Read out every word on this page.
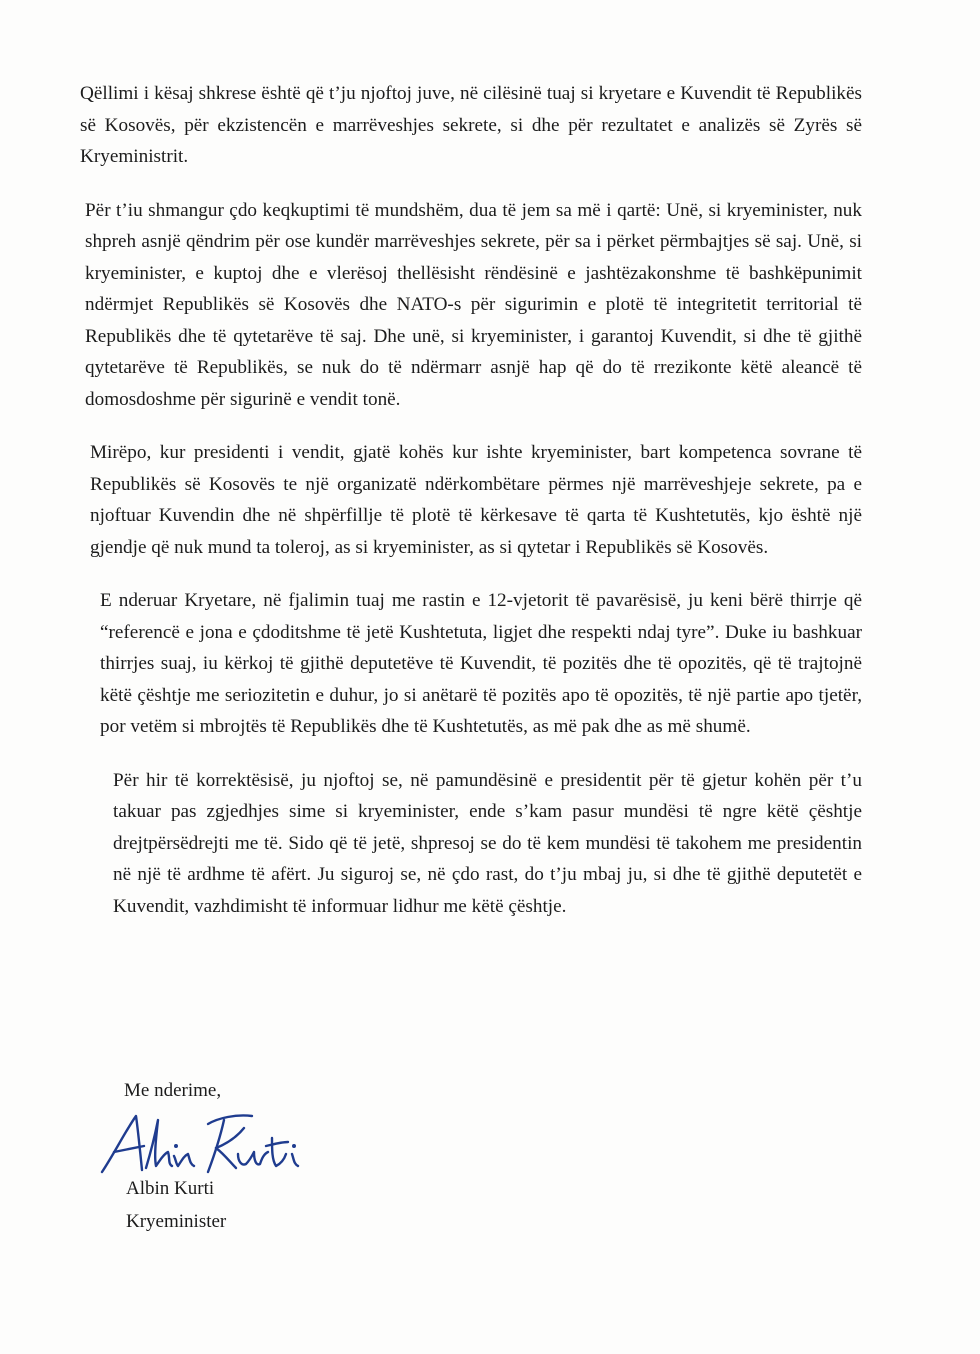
Qëllimi i kësaj shkrese është që t’ju njoftoj juve, në cilësinë tuaj si kryetare e Kuvendit të Republikës së Kosovës, për ekzistencën e marrëveshjes sekrete, si dhe për rezultatet e analizës së Zyrës së Kryeministrit.

Për t’iu shmangur çdo keqkuptimi të mundshëm, dua të jem sa më i qartë: Unë, si kryeminister, nuk shpreh asnjë qëndrim për ose kundër marrëveshjes sekrete, për sa i përket përmbajtjes së saj. Unë, si kryeminister, e kuptoj dhe e vlerësoj thellësisht rëndësinë e jashtëzakonshme të bashkëpunimit ndërmjet Republikës së Kosovës dhe NATO-s për sigurimin e plotë të integritetit territorial të Republikës dhe të qytetarëve të saj. Dhe unë, si kryeminister, i garantoj Kuvendit, si dhe të gjithë qytetarëve të Republikës, se nuk do të ndërmarr asnjë hap që do të rrezikonte këtë aleancë të domosdoshme për sigurinë e vendit tonë.

Mirëpo, kur presidenti i vendit, gjatë kohës kur ishte kryeminister, bart kompetenca sovrane të Republikës së Kosovës te një organizatë ndërkombëtare përmes një marrëveshjeje sekrete, pa e njoftuar Kuvendin dhe në shpërfillje të plotë të kërkesave të qarta të Kushtetutës, kjo është një gjendje që nuk mund ta toleroj, as si kryeminister, as si qytetar i Republikës së Kosovës.

E nderuar Kryetare, në fjalimin tuaj me rastin e 12-vjetorit të pavarësisë, ju keni bërë thirrje që “referencë e jona e çdoditshme të jetë Kushtetuta, ligjet dhe respekti ndaj tyre”. Duke iu bashkuar thirrjes suaj, iu kërkoj të gjithë deputetëve të Kuvendit, të pozitës dhe të opozitës, që të trajtojnë këtë çështje me seriozitetin e duhur, jo si anëtarë të pozitës apo të opozitës, të një partie apo tjetër, por vetëm si mbrojtës të Republikës dhe të Kushtetutës, as më pak dhe as më shumë.

Për hir të korrektësisë, ju njoftoj se, në pamundësinë e presidentit për të gjetur kohën për t’u takuar pas zgjedhjes sime si kryeminister, ende s’kam pasur mundësi të ngre këtë çështje drejtpërsëdrejti me të. Sido që të jetë, shpresoj se do të kem mundësi të takohem me presidentin në një të ardhme të afërt. Ju siguroj se, në çdo rast, do t’ju mbaj ju, si dhe të gjithë deputetët e Kuvendit, vazhdimisht të informuar lidhur me këtë çështje.

Me nderime,
Albin Kurti
Kryeminister
